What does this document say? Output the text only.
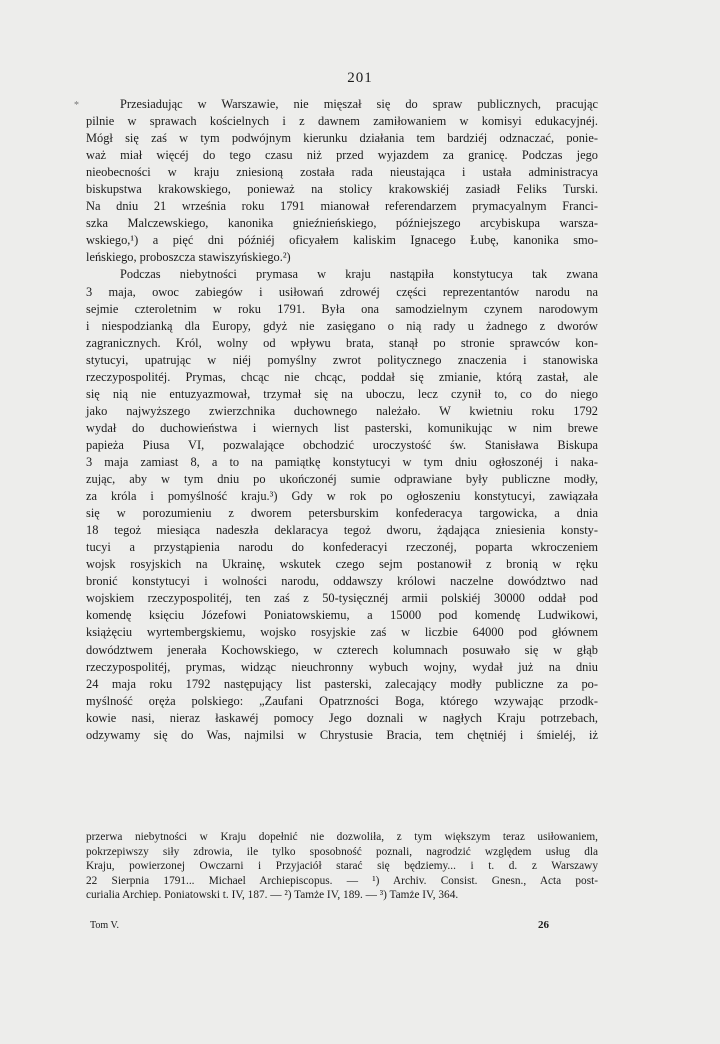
201
*	Przesiadując w Warszawie, nie mięszał się do spraw publicznych, pracując
pilnie w sprawach kościelnych i z dawnem zamiłowaniem w komisyi edukacyjnéj.
Mógł się zaś w tym podwójnym kierunku działania tem bardziéj odznaczać, ponie-
waż miał więcéj do tego czasu niż przed wyjazdem za granicę. Podczas jego
nieobecności w kraju zniesioną została rada nieustająca i ustała administracya
biskupstwa krakowskiego, ponieważ na stolicy krakowskiéj zasiadł Feliks Turski.
Na dniu 21 września roku 1791 mianował referendarzem prymacyalnym Franci-
szka Malczewskiego, kanonika gnieźnieńskiego, późniejszego arcybiskupa warsza-
wskiego,¹) a pięć dni późniéj oficyałem kaliskim Ignacego Łubę, kanonika smo-
leńskiego, proboszcza stawiszyńskiego.²)
Podczas niebytności prymasa w kraju nastąpiła konstytucya tak zwana
3 maja, owoc zabiegów i usiłowań zdrowéj części reprezentantów narodu na
sejmie czteroletnim w roku 1791. Była ona samodzielnym czynem narodowym
i niespodzianką dla Europy, gdyż nie zasięgano o nią rady u żadnego z dworów
zagranicznych. Król, wolny od wpływu brata, stanął po stronie sprawców kon-
stytucyi, upatrując w niéj pomyślny zwrot politycznego znaczenia i stanowiska
rzeczypospolitéj. Prymas, chcąc nie chcąc, poddał się zmianie, którą zastał, ale
się nią nie entuzyazmował, trzymał się na uboczu, lecz czynił to, co do niego
jako najwyższego zwierzchnika duchownego należało. W kwietniu roku 1792
wydał do duchowieństwa i wiernych list pasterski, komunikując w nim brewe
papieża Piusa VI, pozwalające obchodzić uroczystość św. Stanisława Biskupa
3 maja zamiast 8, a to na pamiątkę konstytucyi w tym dniu ogłoszonéj i naka-
zując, aby w tym dniu po ukończonéj sumie odprawiane były publiczne modły,
za króla i pomyślność kraju.³) Gdy w rok po ogłoszeniu konstytucyi, zawiązała
się w porozumieniu z dworem petersburskim konfederacya targowicka, a dnia
18 tegoż miesiąca nadeszła deklaracya tegoż dworu, żądająca zniesienia konsty-
tucyi a przystąpienia narodu do konfederacyi rzeczonéj, poparta wkroczeniem
wojsk rosyjskich na Ukrainę, wskutek czego sejm postanowił z bronią w ręku
bronić konstytucyi i wolności narodu, oddawszy królowi naczelne dowództwo nad
wojskiem rzeczypospolitéj, ten zaś z 50-tysięcznéj armii polskiéj 30000 oddał pod
komendę księciu Józefowi Poniatowskiemu, a 15000 pod komendę Ludwikowi,
książęciu wyrtembergskiemu, wojsko rosyjskie zaś w liczbie 64000 pod głównem
dowództwem jenerała Kochowskiego, w czterech kolumnach posuwało się w głąb
rzeczypospolitéj, prymas, widząc nieuchronny wybuch wojny, wydał już na dniu
24 maja roku 1792 następujący list pasterski, zalecający modły publiczne za po-
myślność oręża polskiego: „Zaufani Opatrzności Boga, którego wzywając przodk-
kowie nasi, nieraz łaskawéj pomocy Jego doznali w nagłych Kraju potrzebach,
odzywamy się do Was, najmilsi w Chrystusie Bracia, tem chętniéj i śmieléj, iż
przerwa niebytności w Kraju dopełnić nie dozwoliła, z tym większym teraz usiłowaniem,
pokrzepiwszy siły zdrowia, ile tylko sposobność poznali, nagrodzić względem usług dla
Kraju, powierzonej Owczarni i Przyjaciół starać się będziemy... i t. d. z Warszawy
22 Sierpnia 1791... Michael Archiepiscopus. — ¹) Archiv. Consist. Gnesn., Acta post-
curialia Archiep. Poniatowski t. IV, 187. — ²) Tamże IV, 189. — ³) Tamże IV, 364.
Tom V.	26
